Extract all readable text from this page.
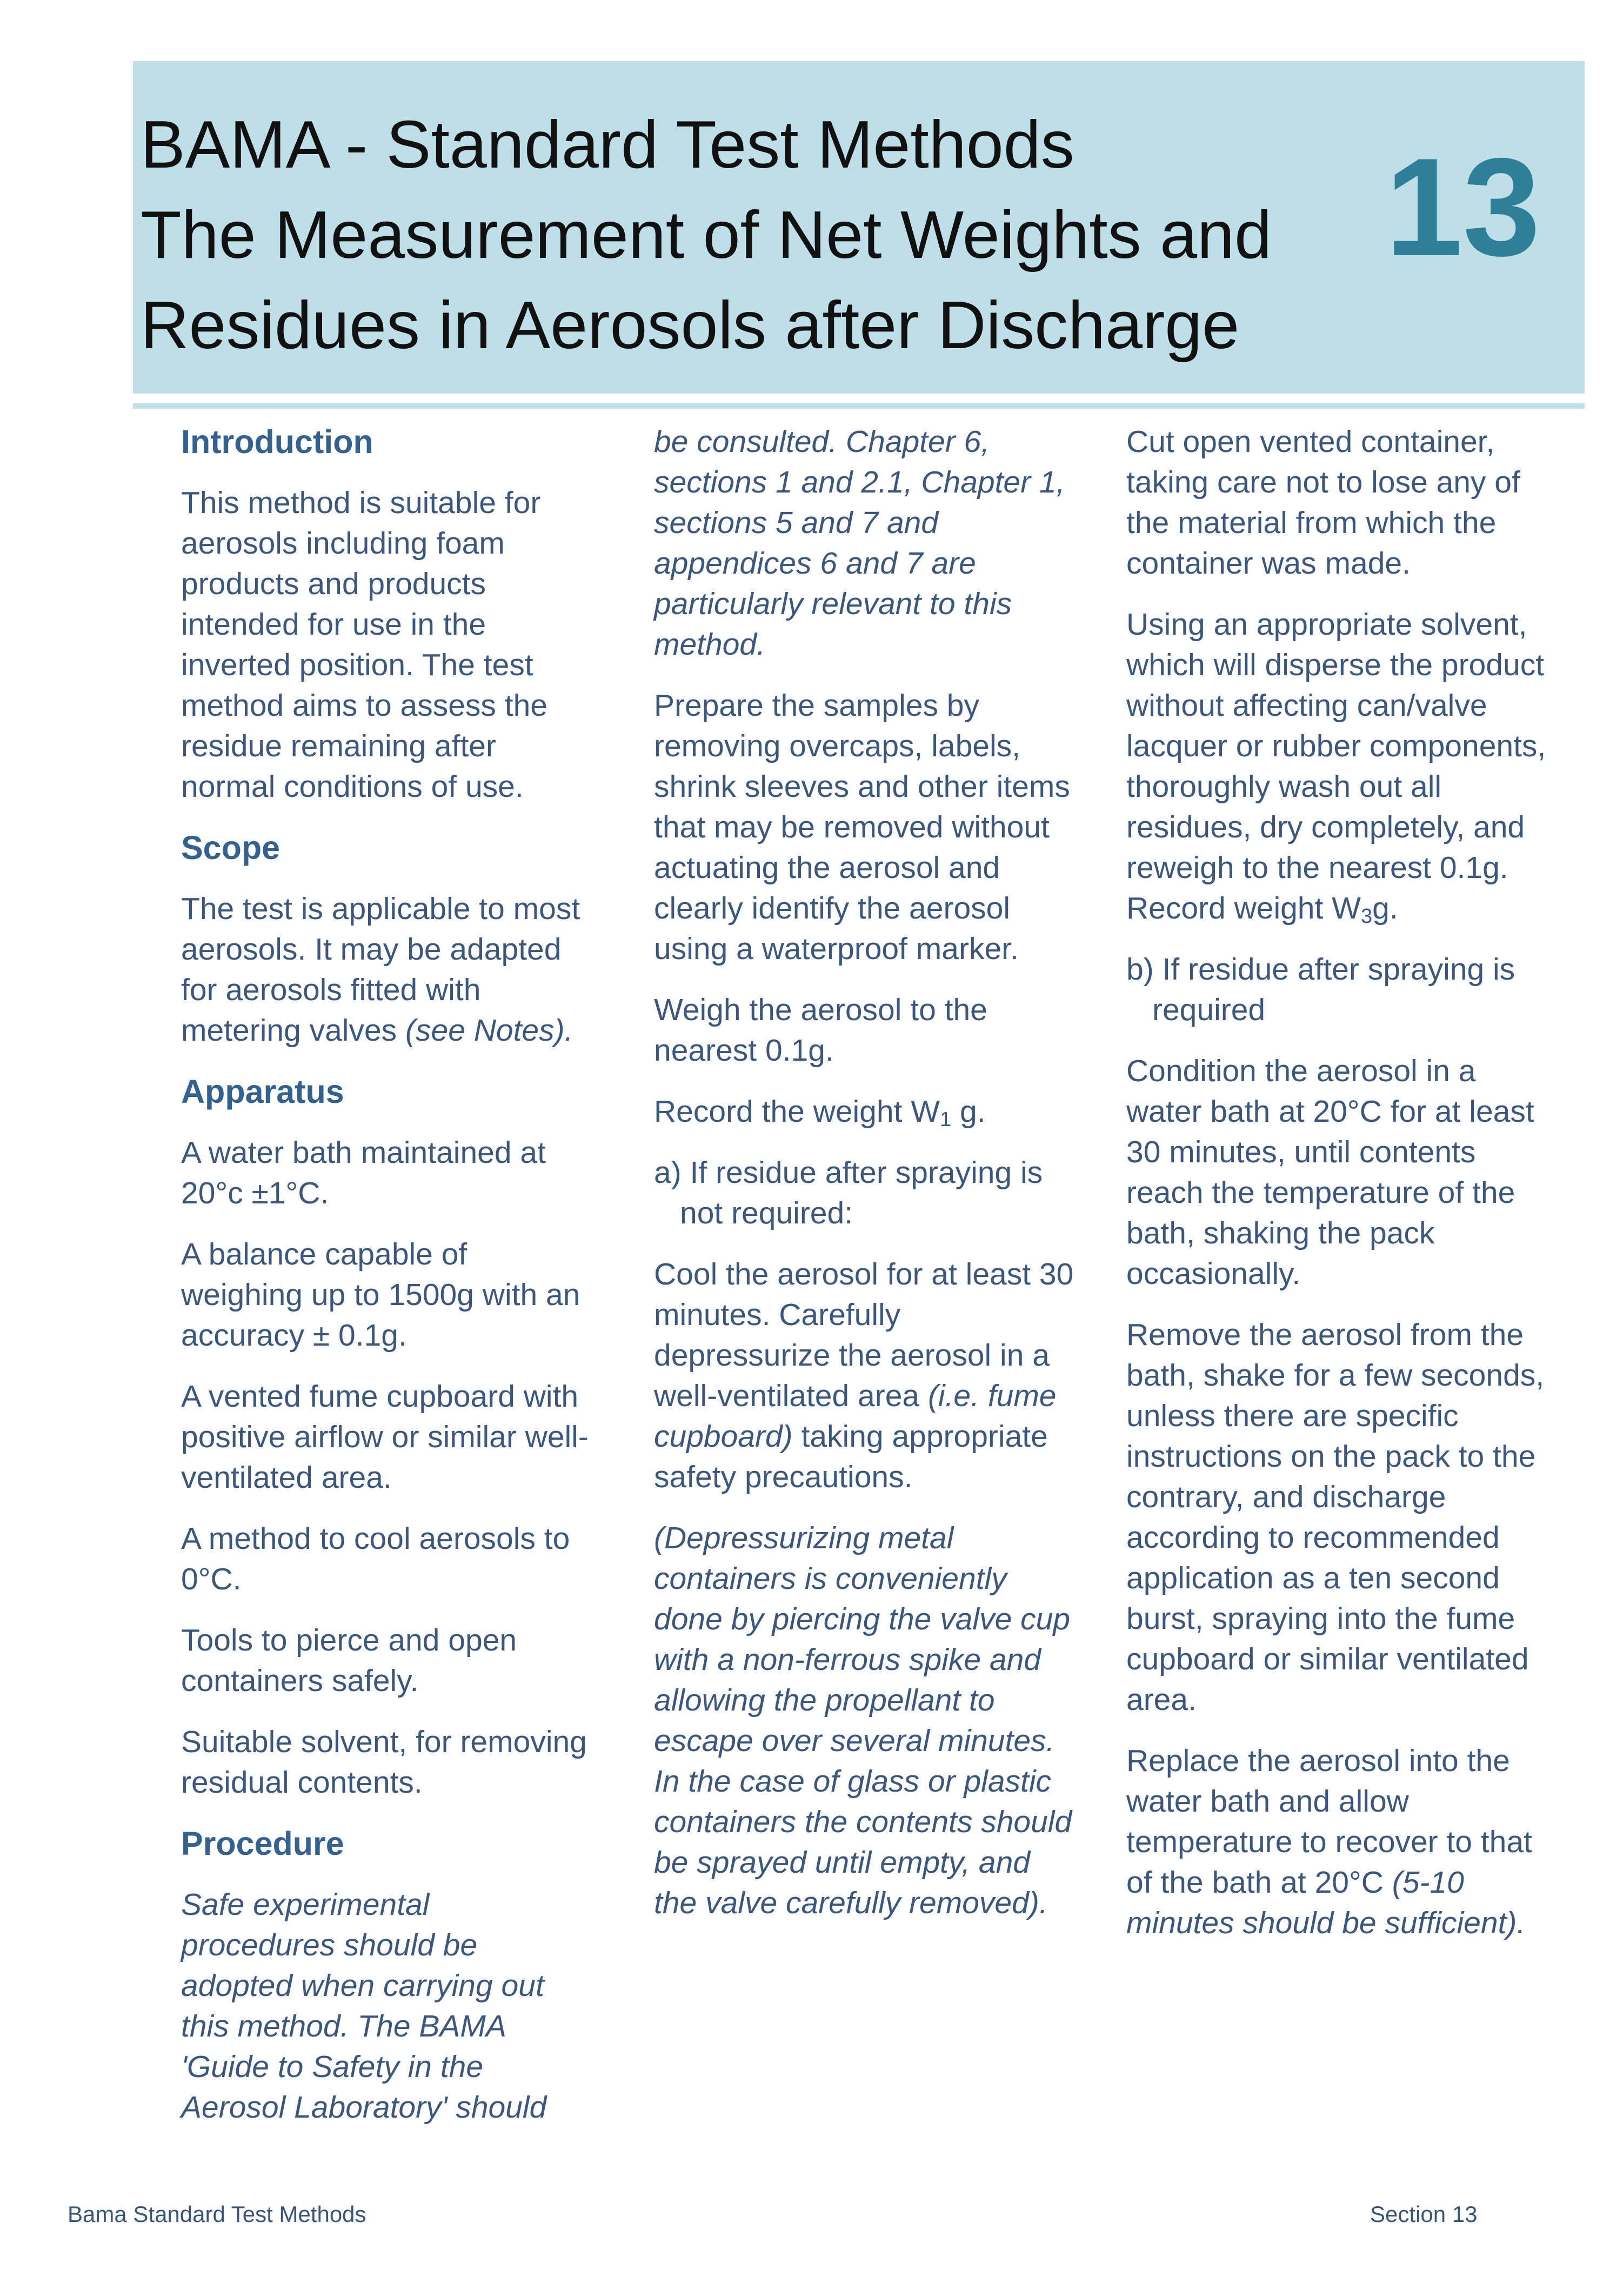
BAMA - Standard Test Methods
The Measurement of Net Weights and
Residues in Aerosols after Discharge
13
Introduction

This method is suitable for aerosols including foam products and products intended for use in the inverted position. The test method aims to assess the residue remaining after normal conditions of use.

Scope

The test is applicable to most aerosols. It may be adapted for aerosols fitted with metering valves (see Notes).

Apparatus

A water bath maintained at 20°c ±1°C.

A balance capable of weighing up to 1500g with an accuracy ± 0.1g.

A vented fume cupboard with positive airflow or similar well-ventilated area.

A method to cool aerosols to 0°C.

Tools to pierce and open containers safely.

Suitable solvent, for removing residual contents.

Procedure

Safe experimental procedures should be adopted when carrying out this method. The BAMA 'Guide to Safety in the Aerosol Laboratory' should

be consulted. Chapter 6, sections 1 and 2.1, Chapter 1, sections 5 and 7 and appendices 6 and 7 are particularly relevant to this method.

Prepare the samples by removing overcaps, labels, shrink sleeves and other items that may be removed without actuating the aerosol and clearly identify the aerosol using a waterproof marker.

Weigh the aerosol to the nearest 0.1g.

Record the weight $W_1$ g.

a) If residue after spraying is
not required:

Cool the aerosol for at least 30 minutes. Carefully depressurize the aerosol in a well-ventilated area (i.e. fume cupboard) taking appropriate safety precautions.

(Depressurizing metal containers is conveniently done by piercing the valve cup with a non-ferrous spike and allowing the propellant to escape over several minutes. In the case of glass or plastic containers the contents should be sprayed until empty, and the valve carefully removed).

Cut open vented container, taking care not to lose any of the material from which the container was made.

Using an appropriate solvent, which will disperse the product without affecting can/valve lacquer or rubber components, thoroughly wash out all residues, dry completely, and reweigh to the nearest 0.1g. Record weight $W_3g$.

b) If residue after spraying is
required

Condition the aerosol in a water bath at 20°C for at least 30 minutes, until contents reach the temperature of the bath, shaking the pack occasionally.

Remove the aerosol from the bath, shake for a few seconds, unless there are specific instructions on the pack to the contrary, and discharge according to recommended application as a ten second burst, spraying into the fume cupboard or similar ventilated area.

Replace the aerosol into the water bath and allow temperature to recover to that of the bath at 20°C (5-10 minutes should be sufficient).

Bama Standard Test Methods	Section 13
